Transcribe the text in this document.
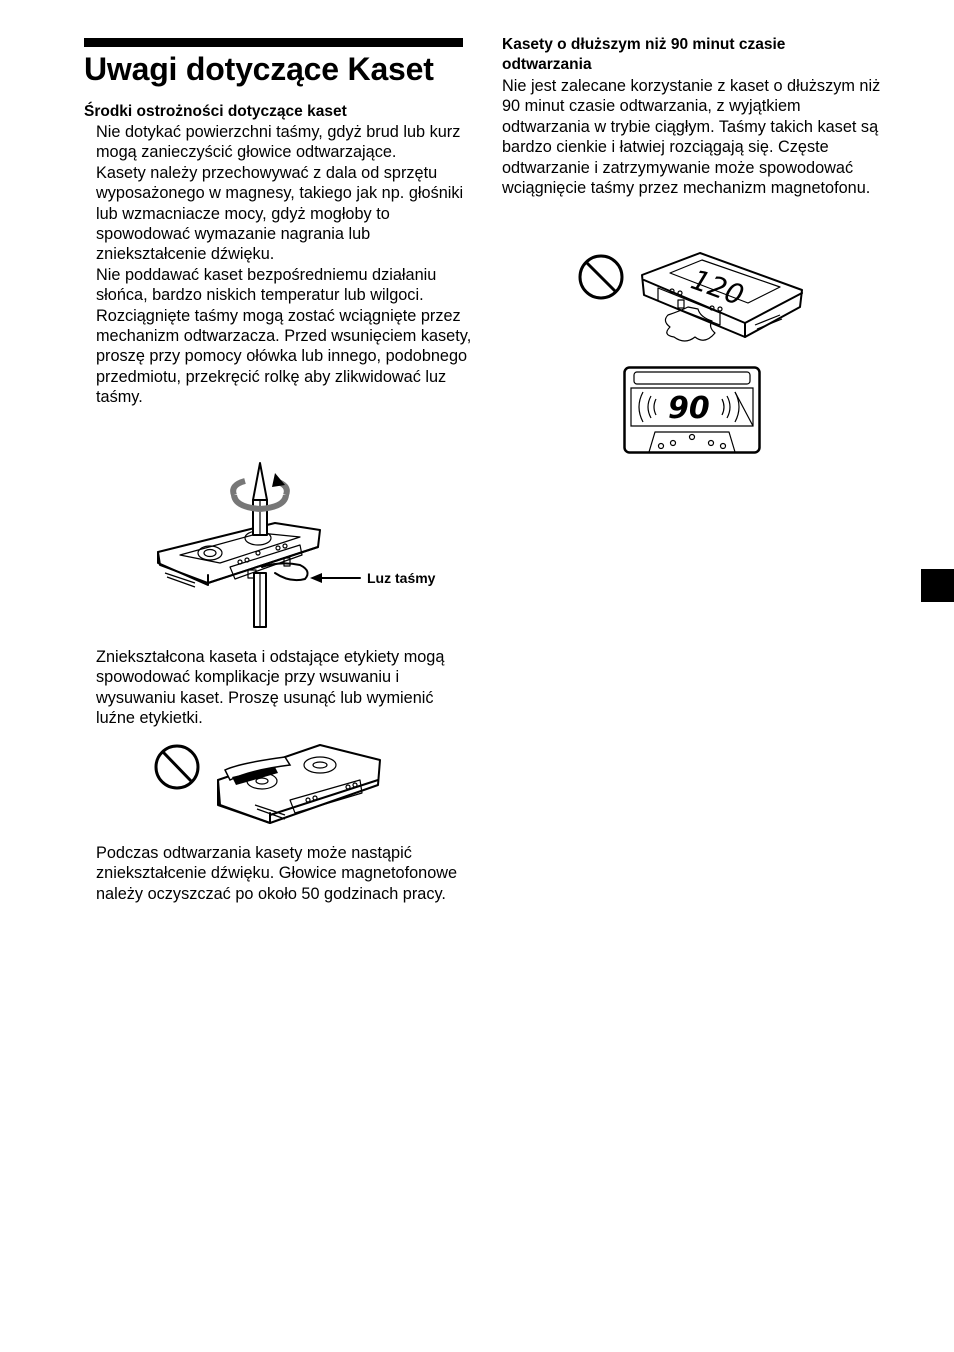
Uwagi dotyczące Kaset
Środki ostrożności dotyczące kaset

Nie dotykać powierzchni taśmy, gdyż brud lub kurz mogą zanieczyścić głowice odtwarzające.

Kasety należy przechowywać z dala od sprzętu wyposażonego w magnesy, takiego jak np. głośniki lub wzmacniacze mocy, gdyż mogłoby to spowodować wymazanie nagrania lub zniekształcenie dźwięku.

Nie poddawać kaset bezpośredniemu działaniu słońca, bardzo niskich temperatur lub wilgoci.

Rozciągnięte taśmy mogą zostać wciągnięte przez mechanizm odtwarzacza. Przed wsunięciem kasety, proszę przy pomocy ołówka lub innego, podobnego przedmiotu, przekręcić rolkę aby zlikwidować luz taśmy.

Luz taśmy
Zniekształcona kaseta i odstające etykiety mogą spowodować komplikacje przy wsuwaniu i wysuwaniu kaset. Proszę usunąć lub wymienić luźne etykietki.
Podczas odtwarzania kasety może nastąpić zniekształcenie dźwięku. Głowice magnetofonowe należy oczyszczać po około 50 godzinach pracy.
Kasety o dłuższym niż 90 minut czasie odtwarzania
Nie jest zalecane korzystanie z kaset o dłuższym niż 90 minut czasie odtwarzania, z wyjątkiem odtwarzania w trybie ciągłym. Taśmy takich kaset są bardzo cienkie i łatwiej rozciągają się. Częste odtwarzanie i zatrzymywanie może spowodować wciągnięcie taśmy przez mechanizm magnetofonu.
120
90
